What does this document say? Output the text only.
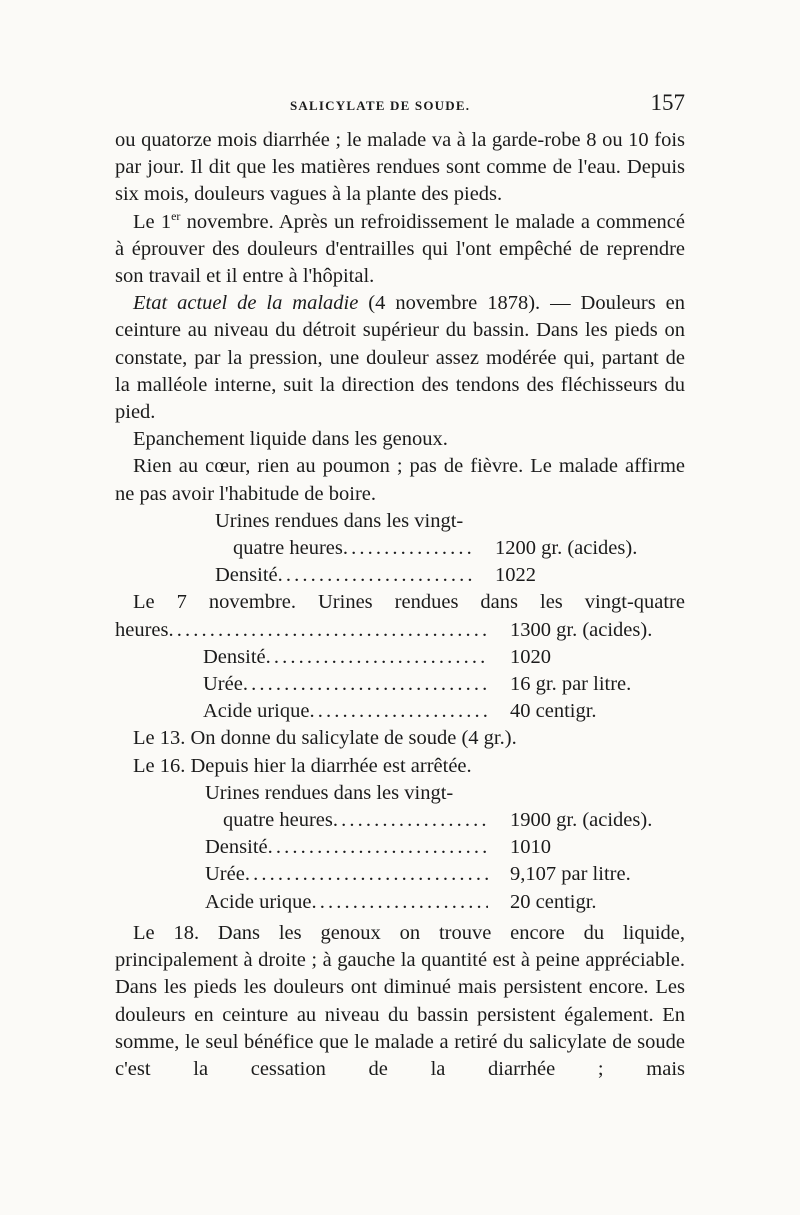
SALICYLATE DE SOUDE.	157

ou quatorze mois diarrhée ; le malade va à la garde-robe 8 ou 10 fois par jour. Il dit que les matières rendues sont comme de l'eau. Depuis six mois, douleurs vagues à la plante des pieds.

Le 1er novembre. Après un refroidissement le malade a commencé à éprouver des douleurs d'entrailles qui l'ont empêché de reprendre son travail et il entre à l'hôpital.

Etat actuel de la maladie (4 novembre 1878). — Douleurs en ceinture au niveau du détroit supérieur du bassin. Dans les pieds on constate, par la pression, une douleur assez modérée qui, partant de la malléole interne, suit la direction des tendons des fléchisseurs du pied.

Epanchement liquide dans les genoux.

Rien au cœur, rien au poumon ; pas de fièvre. Le malade affirme ne pas avoir l'habitude de boire.

Urines rendues dans les vingt-
quatre heures . . .	1200 gr. (acides).
Densité . . .	1022

Le 7 novembre. Urines rendues dans les vingt-quatre

heures . . .	1300 gr. (acides).
Densité . . .	1020
Urée . . .	16 gr. par litre.
Acide urique . . .	40 centigr.

Le 13. On donne du salicylate de soude (4 gr.).

Le 16. Depuis hier la diarrhée est arrêtée.

Urines rendues dans les vingt-
quatre heures . . .	1900 gr. (acides).
Densité . . .	1010
Urée . . .	9,107 par litre.
Acide urique . . .	20 centigr.

Le 18. Dans les genoux on trouve encore du liquide, principalement à droite ; à gauche la quantité est à peine appréciable. Dans les pieds les douleurs ont diminué mais persistent encore. Les douleurs en ceinture au niveau du bassin persistent également. En somme, le seul bénéfice que le malade a retiré du salicylate de soude c'est la cessation de la diarrhée ; mais
